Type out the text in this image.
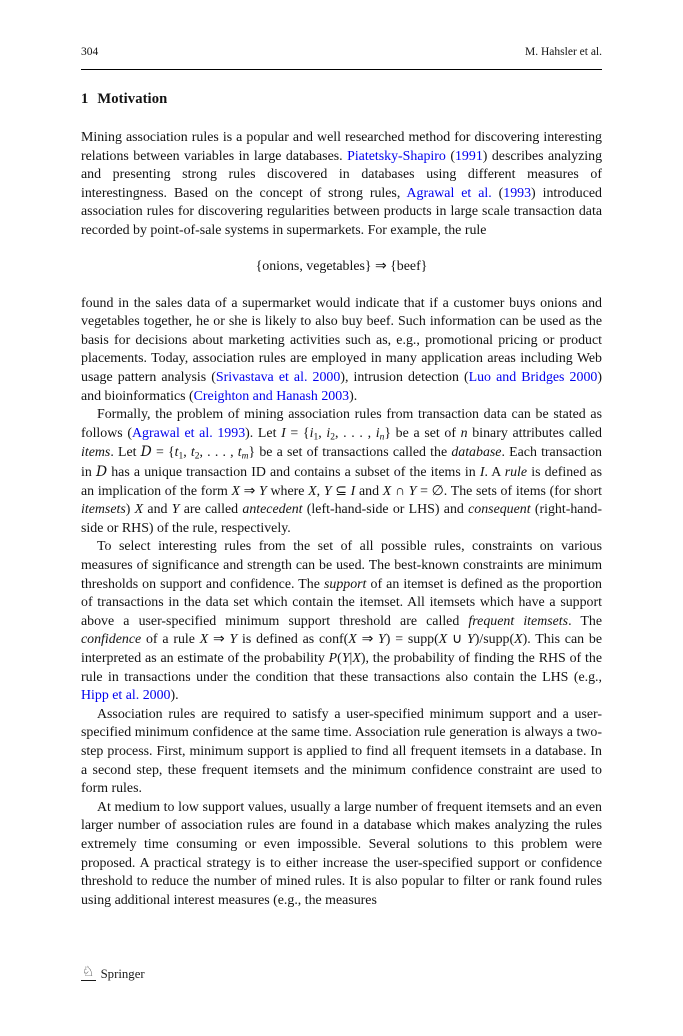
304	M. Hahsler et al.
1 Motivation

Mining association rules is a popular and well researched method for discovering interesting relations between variables in large databases. Piatetsky-Shapiro (1991) describes analyzing and presenting strong rules discovered in databases using different measures of interestingness. Based on the concept of strong rules, Agrawal et al. (1993) introduced association rules for discovering regularities between products in large scale transaction data recorded by point-of-sale systems in supermarkets. For example, the rule

{onions, vegetables} ⇒ {beef}

found in the sales data of a supermarket would indicate that if a customer buys onions and vegetables together, he or she is likely to also buy beef. Such information can be used as the basis for decisions about marketing activities such as, e.g., promotional pricing or product placements. Today, association rules are employed in many application areas including Web usage pattern analysis (Srivastava et al. 2000), intrusion detection (Luo and Bridges 2000) and bioinformatics (Creighton and Hanash 2003).

Formally, the problem of mining association rules from transaction data can be stated as follows (Agrawal et al. 1993). Let $I = \{i_1$, $i_2$, . . . , $i_n$} be a set of n binary attributes called items. Let $D = \{t_1$, $t_2$, . . . , $t_m$} be a set of transactions called the database. Each transaction in D has a unique transaction ID and contains a subset of the items in I. A rule is defined as an implication of the form X ⇒ Y where X, Y ⊆ I and X ∩ Y = ∅. The sets of items (for short itemsets) X and Y are called antecedent (left-hand-side or LHS) and consequent (right-hand-side or RHS) of the rule, respectively.

To select interesting rules from the set of all possible rules, constraints on various measures of significance and strength can be used. The best-known constraints are minimum thresholds on support and confidence. The support of an itemset is defined as the proportion of transactions in the data set which contain the itemset. All itemsets which have a support above a user-specified minimum support threshold are called frequent itemsets. The confidence of a rule X ⇒ Y is defined as conf(X ⇒ Y) = supp(X ∪ Y)/supp(X). This can be interpreted as an estimate of the probability P(Y|X), the probability of finding the RHS of the rule in transactions under the condition that these transactions also contain the LHS (e.g., Hipp et al. 2000).

Association rules are required to satisfy a user-specified minimum support and a user-specified minimum confidence at the same time. Association rule generation is always a two-step process. First, minimum support is applied to find all frequent itemsets in a database. In a second step, these frequent itemsets and the minimum confidence constraint are used to form rules.

At medium to low support values, usually a large number of frequent itemsets and an even larger number of association rules are found in a database which makes analyzing the rules extremely time consuming or even impossible. Several solutions to this problem were proposed. A practical strategy is to either increase the user-specified support or confidence threshold to reduce the number of mined rules. It is also popular to filter or rank found rules using additional interest measures (e.g., the measures

♘ Springer
